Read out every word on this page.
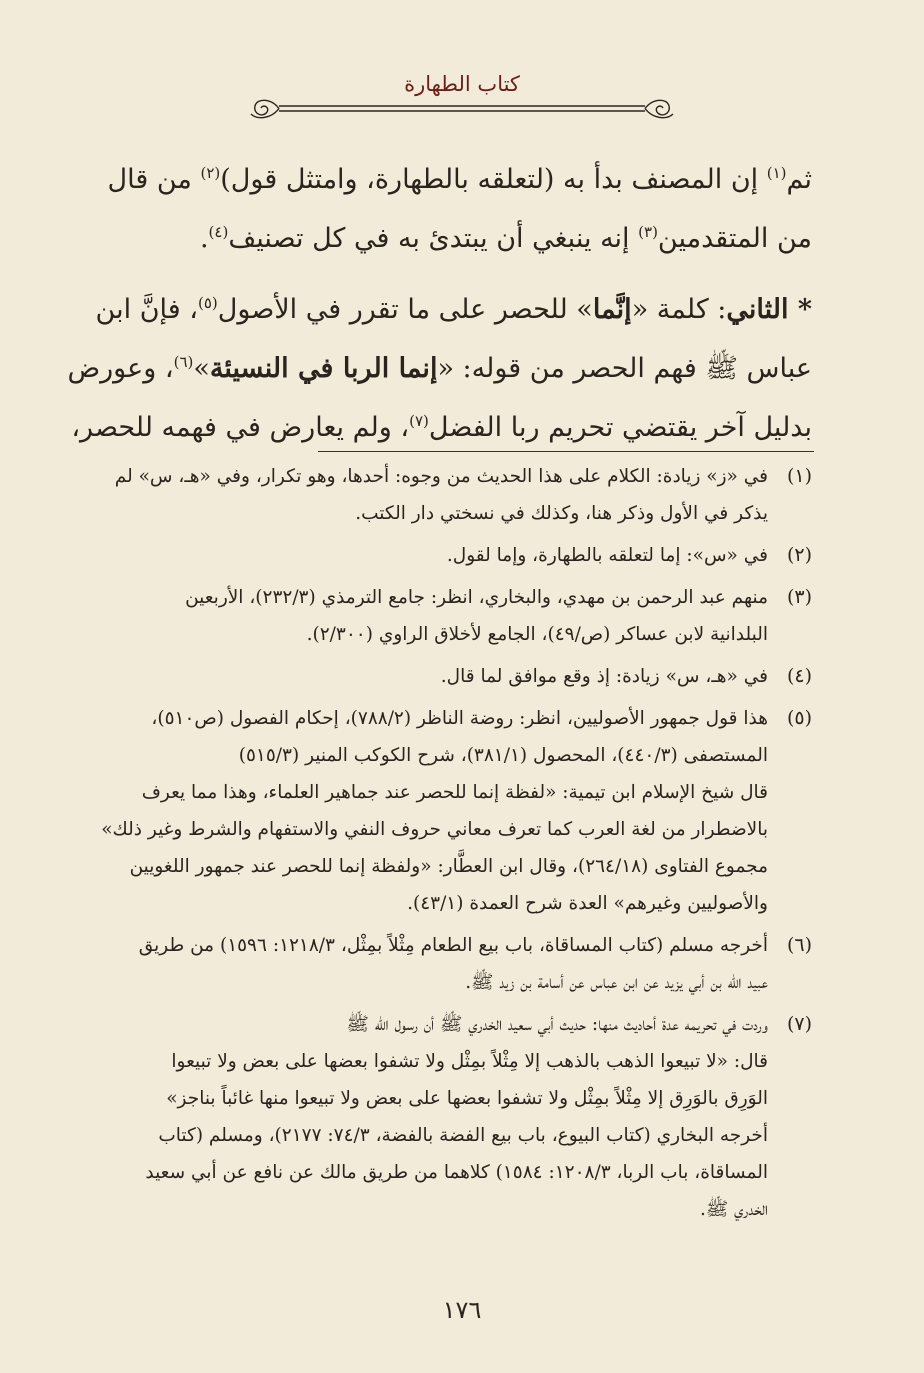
كتاب الطهارة

ثم$^{(١)}$ إن المصنف بدأ به (لتعلقه بالطهارة، وامتثل قول)$^{(٢)}$ من قال

من المتقدمين$^{(٣)}$ إنه ينبغي أن يبتدئ به في كل تصنيف$^{(٤)}$.

* الثاني: كلمة «إنَّما» للحصر على ما تقرر في الأصول$^{(٥)}$، فإنَّ ابن

عباس ﷺ فهم الحصر من قوله: «إنما الربا في النسيئة»$^{(٦)}$، وعورض

بدليل آخر يقتضي تحريم ربا الفضل$^{(٧)}$، ولم يعارض في فهمه للحصر،

(١)

في «ز» زيادة: الكلام على هذا الحديث من وجوه: أحدها، وهو تكرار، وفي «هـ، س» لم

يذكر في الأول وذكر هنا، وكذلك في نسختي دار الكتب.

(٢)

في «س»: إما لتعلقه بالطهارة، وإما لقول.

(٣)

منهم عبد الرحمن بن مهدي، والبخاري، انظر: جامع الترمذي (٢٣٢/٣)، الأربعين

البلدانية لابن عساكر (ص/٤٩)، الجامع لأخلاق الراوي (٢/٣٠٠).

(٤)

في «هـ، س» زيادة: إذ وقع موافق لما قال.

(٥)

هذا قول جمهور الأصوليين، انظر: روضة الناظر (٧٨٨/٢)، إحكام الفصول (ص٥١٠)،

المستصفى (٤٤٠/٣)، المحصول (٣٨١/١)، شرح الكوكب المنير (٥١٥/٣)

قال شيخ الإسلام ابن تيمية: «لفظة إنما للحصر عند جماهير العلماء، وهذا مما يعرف

بالاضطرار من لغة العرب كما تعرف معاني حروف النفي والاستفهام والشرط وغير ذلك»

مجموع الفتاوى (٢٦٤/١٨)، وقال ابن العطَّار: «ولفظة إنما للحصر عند جمهور اللغويين

والأصوليين وغيرهم» العدة شرح العمدة (٤٣/١).

(٦)

أخرجه مسلم (كتاب المساقاة، باب بيع الطعام مِثْلاً بمِثْل، ١٢١٨/٣: ١٥٩٦) من طريق

عبيد الله بن أبي يزيد عن ابن عباس عن أسامة بن زيد ﷺ.

(٧)

وردت في تحريمه عدة أحاديث منها: حديث أبي سعيد الخدري ﷺ أن رسول الله ﷺ

قال: «لا تبيعوا الذهب بالذهب إلا مِثْلاً بمِثْل ولا تشفوا بعضها على بعض ولا تبيعوا

الوَرِق بالوَرِق إلا مِثْلاً بمِثْل ولا تشفوا بعضها على بعض ولا تبيعوا منها غائباً بناجز»

أخرجه البخاري (كتاب البيوع، باب بيع الفضة بالفضة، ٧٤/٣: ٢١٧٧)، ومسلم (كتاب

المساقاة، باب الربا، ١٢٠٨/٣: ١٥٨٤) كلاهما من طريق مالك عن نافع عن أبي سعيد

الخدري ﷺ.

١٧٦
